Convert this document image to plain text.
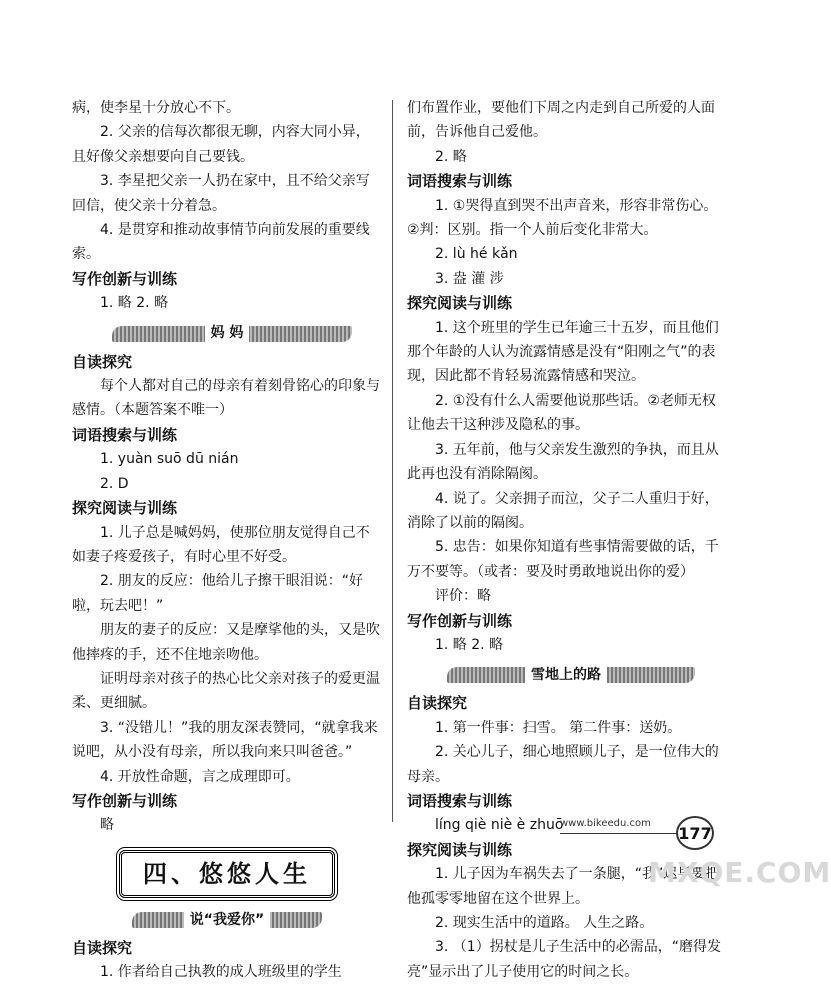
病，使李星十分放心不下。

2. 父亲的信每次都很无聊，内容大同小异，且好像父亲想要向自己要钱。

3. 李星把父亲一人扔在家中，且不给父亲写回信，使父亲十分着急。

4. 是贯穿和推动故事情节向前发展的重要线索。

写作创新与训练

1. 略 2. 略

妈 妈

自读探究

每个人都对自己的母亲有着刻骨铭心的印象与感情。（本题答案不唯一）

词语搜索与训练

1. yuàn suō dū nián

2. D

探究阅读与训练

1. 儿子总是喊妈妈，使那位朋友觉得自己不如妻子疼爱孩子，有时心里不好受。

2. 朋友的反应：他给儿子擦干眼泪说：“好啦，玩去吧！”

朋友的妻子的反应：又是摩挲他的头，又是吹他摔疼的手，还不住地亲吻他。

证明母亲对孩子的热心比父亲对孩子的爱更温柔、更细腻。

3. “没错儿！”我的朋友深表赞同，“就拿我来说吧，从小没有母亲，所以我向来只叫爸爸。”

4. 开放性命题，言之成理即可。

写作创新与训练

略

四、悠悠人生
说“我爱你”

自读探究

1. 作者给自己执教的成人班级里的学生

们布置作业，要他们下周之内走到自己所爱的人面前，告诉他自己爱他。

2. 略

词语搜索与训练

1. ①哭得直到哭不出声音来，形容非常伤心。 ②判：区别。指一个人前后变化非常大。

2. lù hé kǎn

3. 盎 灌 涉

探究阅读与训练

1. 这个班里的学生已年逾三十五岁，而且他们那个年龄的人认为流露情感是没有“阳刚之气”的表现，因此都不肯轻易流露情感和哭泣。

2. ①没有什么人需要他说那些话。②老师无权让他去干这种涉及隐私的事。

3. 五年前，他与父亲发生激烈的争执，而且从此再也没有消除隔阂。

4. 说了。父亲拥子而泣，父子二人重归于好，消除了以前的隔阂。

5. 忠告：如果你知道有些事情需要做的话，千万不要等。（或者：要及时勇敢地说出你的爱）

评价：略

写作创新与训练

1. 略 2. 略

雪地上的路

自读探究

1. 第一件事：扫雪。 第二件事：送奶。

2. 关心儿子，细心地照顾儿子，是一位伟大的母亲。

词语搜索与训练

líng qiè niè è zhuō

探究阅读与训练

1. 儿子因为车祸失去了一条腿，“我”迟早要把他孤零零地留在这个世界上。

2. 现实生活中的道路。 人生之路。

3. （1）拐杖是儿子生活中的必需品，“磨得发亮”显示出了儿子使用它的时间之长。

www.bikeedu.com 177
MXQE.COM
